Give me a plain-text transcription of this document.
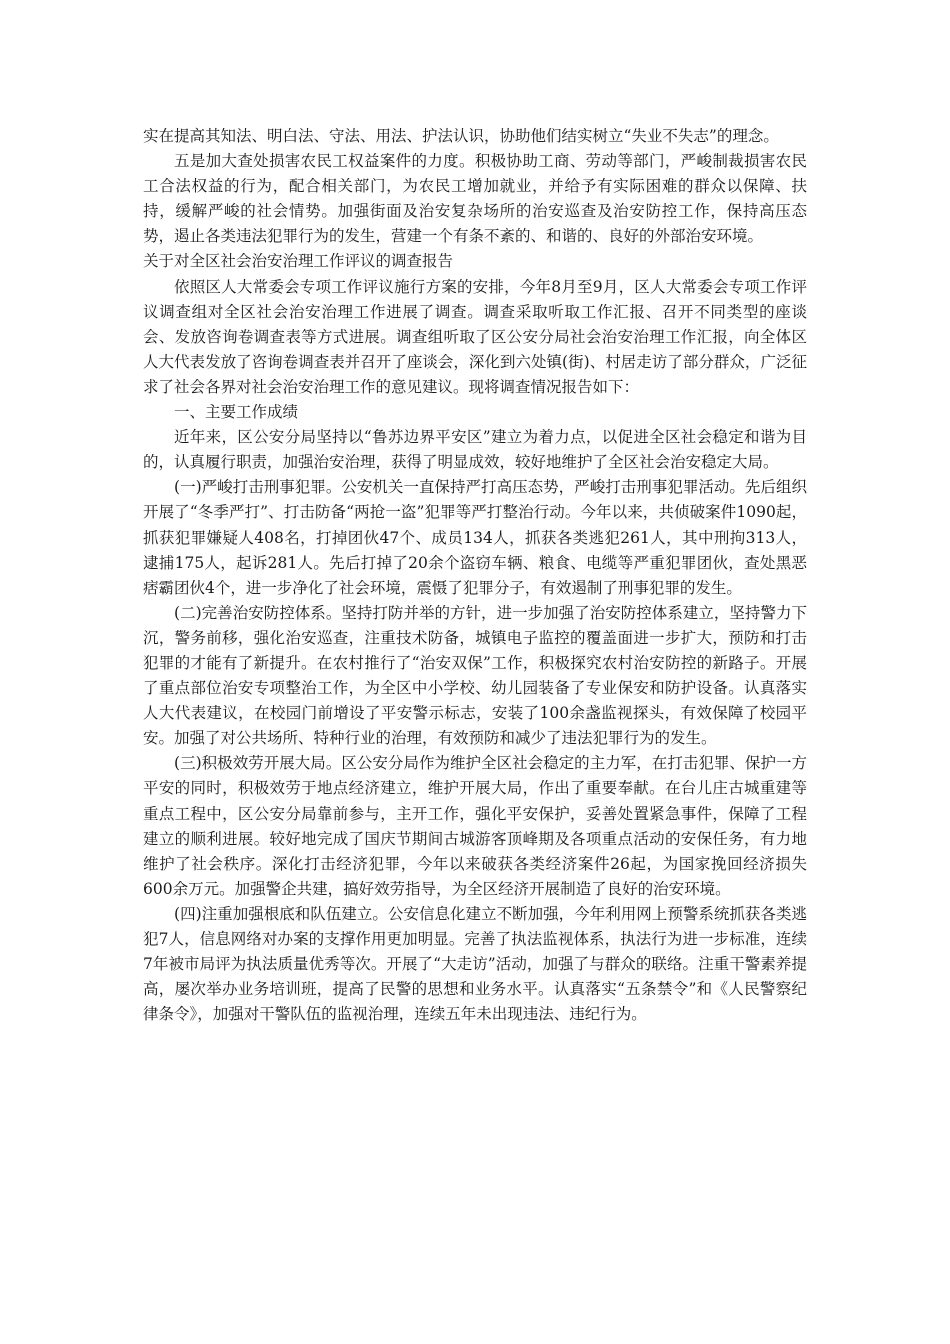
实在提高其知法、明白法、守法、用法、护法认识，协助他们结实树立“失业不失志”的理念。

五是加大查处损害农民工权益案件的力度。积极协助工商、劳动等部门，严峻制裁损害农民工合法权益的行为，配合相关部门，为农民工增加就业，并给予有实际困难的群众以保障、扶持，缓解严峻的社会情势。加强街面及治安复杂场所的治安巡查及治安防控工作，保持高压态势，遏止各类违法犯罪行为的发生，营建一个有条不紊的、和谐的、良好的外部治安环境。

关于对全区社会治安治理工作评议的调查报告

依照区人大常委会专项工作评议施行方案的安排，今年8月至9月，区人大常委会专项工作评议调查组对全区社会治安治理工作进展了调查。调查采取听取工作汇报、召开不同类型的座谈会、发放咨询卷调查表等方式进展。调查组听取了区公安分局社会治安治理工作汇报，向全体区人大代表发放了咨询卷调查表并召开了座谈会，深化到六处镇(街)、村居走访了部分群众，广泛征求了社会各界对社会治安治理工作的意见建议。现将调查情况报告如下：

一、主要工作成绩

近年来，区公安分局坚持以“鲁苏边界平安区”建立为着力点，以促进全区社会稳定和谐为目的，认真履行职责，加强治安治理，获得了明显成效，较好地维护了全区社会治安稳定大局。

(一)严峻打击刑事犯罪。公安机关一直保持严打高压态势，严峻打击刑事犯罪活动。先后组织开展了“冬季严打”、打击防备“两抢一盗”犯罪等严打整治行动。今年以来，共侦破案件1090起，抓获犯罪嫌疑人408名，打掉团伙47个、成员134人，抓获各类逃犯261人，其中刑拘313人，逮捕175人，起诉281人。先后打掉了20余个盗窃车辆、粮食、电缆等严重犯罪团伙，查处黑恶痞霸团伙4个，进一步净化了社会环境，震慑了犯罪分子，有效遏制了刑事犯罪的发生。

(二)完善治安防控体系。坚持打防并举的方针，进一步加强了治安防控体系建立，坚持警力下沉，警务前移，强化治安巡查，注重技术防备，城镇电子监控的覆盖面进一步扩大，预防和打击犯罪的才能有了新提升。在农村推行了“治安双保”工作，积极探究农村治安防控的新路子。开展了重点部位治安专项整治工作，为全区中小学校、幼儿园装备了专业保安和防护设备。认真落实人大代表建议，在校园门前增设了平安警示标志，安装了100余盏监视探头，有效保障了校园平安。加强了对公共场所、特种行业的治理，有效预防和减少了违法犯罪行为的发生。

(三)积极效劳开展大局。区公安分局作为维护全区社会稳定的主力军，在打击犯罪、保护一方平安的同时，积极效劳于地点经济建立，维护开展大局，作出了重要奉献。在台儿庄古城重建等重点工程中，区公安分局靠前参与，主开工作，强化平安保护，妥善处置紧急事件，保障了工程建立的顺利进展。较好地完成了国庆节期间古城游客顶峰期及各项重点活动的安保任务，有力地维护了社会秩序。深化打击经济犯罪，今年以来破获各类经济案件26起，为国家挽回经济损失600余万元。加强警企共建，搞好效劳指导，为全区经济开展制造了良好的治安环境。

(四)注重加强根底和队伍建立。公安信息化建立不断加强，今年利用网上预警系统抓获各类逃犯7人，信息网络对办案的支撑作用更加明显。完善了执法监视体系，执法行为进一步标准，连续7年被市局评为执法质量优秀等次。开展了“大走访”活动，加强了与群众的联络。注重干警素养提高，屡次举办业务培训班，提高了民警的思想和业务水平。认真落实“五条禁令”和《人民警察纪律条令》，加强对干警队伍的监视治理，连续五年未出现违法、违纪行为。
